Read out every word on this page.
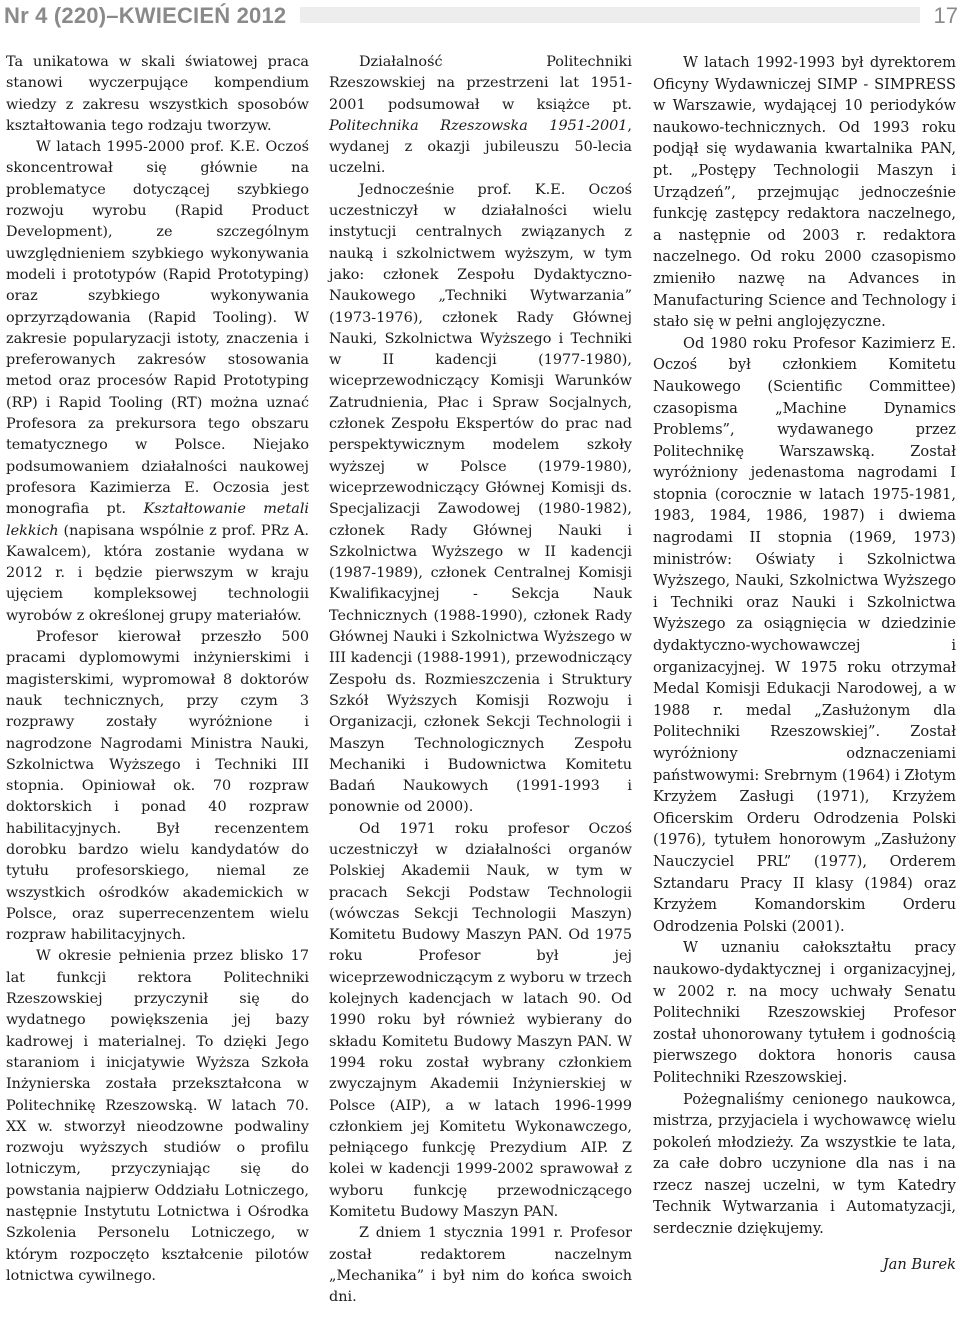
Nr 4 (220)–KWIECIEŃ 2012	17

Ta unikatowa w skali światowej praca stanowi wyczerpujące kompendium wiedzy z zakresu wszystkich sposobów kształtowania tego rodzaju tworzyw.

W latach 1995-2000 prof. K.E. Oczoś skoncentrował się głównie na problematyce dotyczącej szybkiego rozwoju wyrobu (Rapid Product Development), ze szczególnym uwzględnieniem szybkiego wykonywania modeli i prototypów (Rapid Prototyping) oraz szybkiego wykonywania oprzyrządowania (Rapid Tooling). W zakresie popularyzacji istoty, znaczenia i preferowanych zakresów stosowania metod oraz procesów Rapid Prototyping (RP) i Rapid Tooling (RT) można uznać Profesora za prekursora tego obszaru tematycznego w Polsce. Niejako podsumowaniem działalności naukowej profesora Kazimierza E. Oczosia jest monografia pt. Kształtowanie metali lekkich (napisana wspólnie z prof. PRz A. Kawalcem), która zostanie wydana w 2012 r. i będzie pierwszym w kraju ujęciem kompleksowej technologii wyrobów z określonej grupy materiałów.

Profesor kierował przeszło 500 pracami dyplomowymi inżynierskimi i magisterskimi, wypromował 8 doktorów nauk technicznych, przy czym 3 rozprawy zostały wyróżnione i nagrodzone Nagrodami Ministra Nauki, Szkolnictwa Wyższego i Techniki III stopnia. Opiniował ok. 70 rozpraw doktorskich i ponad 40 rozpraw habilitacyjnych. Był recenzentem dorobku bardzo wielu kandydatów do tytułu profesorskiego, niemal ze wszystkich ośrodków akademickich w Polsce, oraz superrecenzentem wielu rozpraw habilitacyjnych.

W okresie pełnienia przez blisko 17 lat funkcji rektora Politechniki Rzeszowskiej przyczynił się do wydatnego powiększenia jej bazy kadrowej i materialnej. To dzięki Jego staraniom i inicjatywie Wyższa Szkoła Inżynierska została przekształcona w Politechnikę Rzeszowską. W latach 70. XX w. stworzył nieodzowne podwaliny rozwoju wyższych studiów o profilu lotniczym, przyczyniając się do powstania najpierw Oddziału Lotniczego, następnie Instytutu Lotnictwa i Ośrodka Szkolenia Personelu Lotniczego, w którym rozpoczęto kształcenie pilotów lotnictwa cywilnego.

Działalność Politechniki Rzeszowskiej na przestrzeni lat 1951-2001 podsumował w książce pt. Politechnika Rzeszowska 1951-2001, wydanej z okazji jubileuszu 50-lecia uczelni.

Jednocześnie prof. K.E. Oczoś uczestniczył w działalności wielu instytucji centralnych związanych z nauką i szkolnictwem wyższym, w tym jako: członek Zespołu Dydaktyczno-Naukowego „Techniki Wytwarzania” (1973-1976), członek Rady Głównej Nauki, Szkolnictwa Wyższego i Techniki w II kadencji (1977-1980), wiceprzewodniczący Komisji Warunków Zatrudnienia, Płac i Spraw Socjalnych, członek Zespołu Ekspertów do prac nad perspektywicznym modelem szkoły wyższej w Polsce (1979-1980), wiceprzewodniczący Głównej Komisji ds. Specjalizacji Zawodowej (1980-1982), członek Rady Głównej Nauki i Szkolnictwa Wyższego w II kadencji (1987-1989), członek Centralnej Komisji Kwalifikacyjnej - Sekcja Nauk Technicznych (1988-1990), członek Rady Głównej Nauki i Szkolnictwa Wyższego w III kadencji (1988-1991), przewodniczący Zespołu ds. Rozmieszczenia i Struktury Szkół Wyższych Komisji Rozwoju i Organizacji, członek Sekcji Technologii i Maszyn Technologicznych Zespołu Mechaniki i Budownictwa Komitetu Badań Naukowych (1991-1993 i ponownie od 2000).

Od 1971 roku profesor Oczoś uczestniczył w działalności organów Polskiej Akademii Nauk, w tym w pracach Sekcji Podstaw Technologii (wówczas Sekcji Technologii Maszyn) Komitetu Budowy Maszyn PAN. Od 1975 roku Profesor był jej wiceprzewodniczącym z wyboru w trzech kolejnych kadencjach w latach 90. Od 1990 roku był również wybierany do składu Komitetu Budowy Maszyn PAN. W 1994 roku został wybrany członkiem zwyczajnym Akademii Inżynierskiej w Polsce (AIP), a w latach 1996-1999 członkiem jej Komitetu Wykonawczego, pełniącego funkcję Prezydium AIP. Z kolei w kadencji 1999-2002 sprawował z wyboru funkcję przewodniczącego Komitetu Budowy Maszyn PAN.

Z dniem 1 stycznia 1991 r. Profesor został redaktorem naczelnym „Mechanika” i był nim do końca swoich dni.

W latach 1992-1993 był dyrektorem Oficyny Wydawniczej SIMP - SIMPRESS w Warszawie, wydającej 10 periodyków naukowo-technicznych. Od 1993 roku podjął się wydawania kwartalnika PAN, pt. „Postępy Technologii Maszyn i Urządzeń”, przejmując jednocześnie funkcję zastępcy redaktora naczelnego, a następnie od 2003 r. redaktora naczelnego. Od roku 2000 czasopismo zmieniło nazwę na Advances in Manufacturing Science and Technology i stało się w pełni anglojęzyczne.

Od 1980 roku Profesor Kazimierz E. Oczoś był członkiem Komitetu Naukowego (Scientific Committee) czasopisma „Machine Dynamics Problems”, wydawanego przez Politechnikę Warszawską. Został wyróżniony jedenastoma nagrodami I stopnia (corocznie w latach 1975-1981, 1983, 1984, 1986, 1987) i dwiema nagrodami II stopnia (1969, 1973) ministrów: Oświaty i Szkolnictwa Wyższego, Nauki, Szkolnictwa Wyższego i Techniki oraz Nauki i Szkolnictwa Wyższego za osiągnięcia w dziedzinie dydaktyczno-wychowawczej i organizacyjnej. W 1975 roku otrzymał Medal Komisji Edukacji Narodowej, a w 1988 r. medal „Zasłużonym dla Politechniki Rzeszowskiej”. Został wyróżniony odznaczeniami państwowymi: Srebrnym (1964) i Złotym Krzyżem Zasługi (1971), Krzyżem Oficerskim Orderu Odrodzenia Polski (1976), tytułem honorowym „Zasłużony Nauczyciel PRL” (1977), Orderem Sztandaru Pracy II klasy (1984) oraz Krzyżem Komandorskim Orderu Odrodzenia Polski (2001).

W uznaniu całokształtu pracy naukowo-dydaktycznej i organizacyjnej, w 2002 r. na mocy uchwały Senatu Politechniki Rzeszowskiej Profesor został uhonorowany tytułem i godnością pierwszego doktora honoris causa Politechniki Rzeszowskiej.

Pożegnaliśmy cenionego naukowca, mistrza, przyjaciela i wychowawcę wielu pokoleń młodzieży. Za wszystkie te lata, za całe dobro uczynione dla nas i na rzecz naszej uczelni, w tym Katedry Technik Wytwarzania i Automatyzacji, serdecznie dziękujemy.

Jan Burek
